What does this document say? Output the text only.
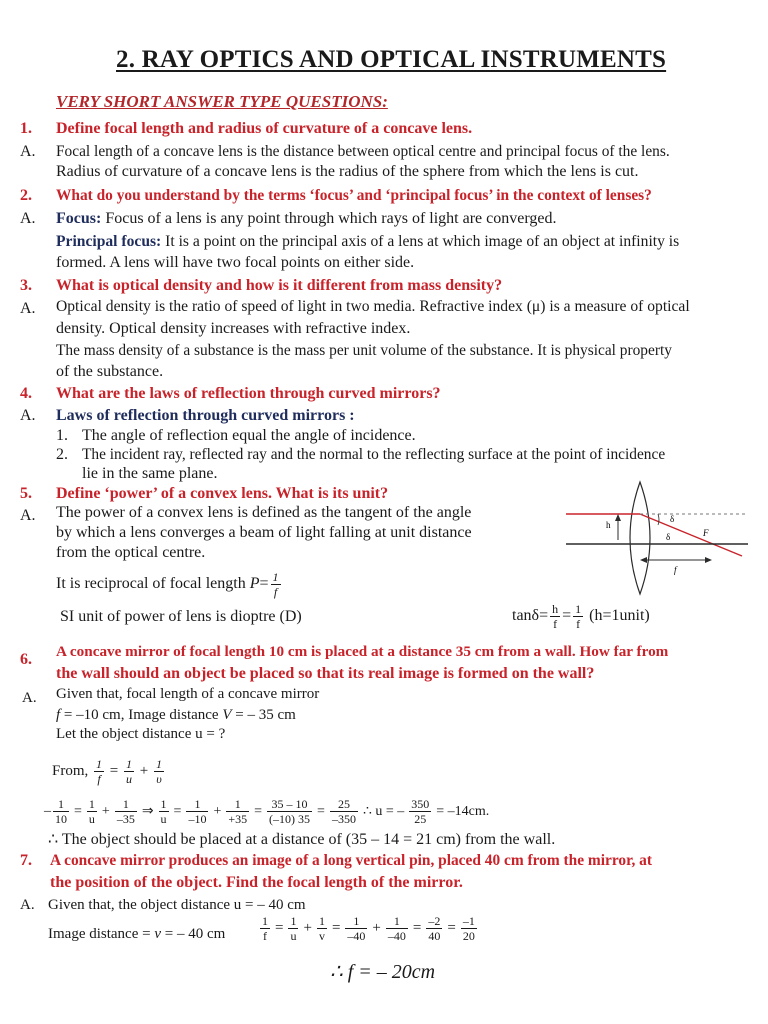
2. RAY OPTICS AND OPTICAL INSTRUMENTS
VERY SHORT ANSWER TYPE QUESTIONS:
1. Define focal length and radius of curvature of a concave lens.
A. Focal length of a concave lens is the distance between optical centre and principal focus of the lens.
Radius of curvature of a concave lens is the radius of the sphere from which the lens is cut.
2. What do you understand by the terms ‘focus’ and ‘principal focus’ in the context of lenses?
A. Focus: Focus of a lens is any point through which rays of light are converged.
Principal focus: It is a point on the principal axis of a lens at which image of an object at infinity is
formed. A lens will have two focal points on either side.
3. What is optical density and how is it different from mass density?
A. Optical density is the ratio of speed of light in two media. Refractive index (μ) is a measure of optical
density. Optical density increases with refractive index.
The mass density of a substance is the mass per unit volume of the substance. It is physical property
of the substance.
4. What are the laws of reflection through curved mirrors?
A. Laws of reflection through curved mirrors :
1. The angle of reflection equal the angle of incidence.
2. The incident ray, reflected ray and the normal to the reflecting surface at the point of incidence
lie in the same plane.
5. Define ‘power’ of a convex lens. What is its unit?
A. The power of a convex lens is defined as the tangent of the angle
by which a lens converges a beam of light falling at unit distance
from the optical centre.
It is reciprocal of focal length $P= \frac{1}{f}$
SI unit of power of lens is dioptre (D)	$\tan\delta= \frac{h}{f} = \frac{1}{f}$ (h=1unit)
h
δ
δ	F
f
6. A concave mirror of focal length 10 cm is placed at a distance 35 cm from a wall. How far from
the wall should an object be placed so that its real image is formed on the wall?
A. Given that, focal length of a concave mirror
f = –10 cm, Image distance V = – 35 cm
Let the object distance u = ?
From, $\frac{1}{f} = \frac{1}{u} + \frac{1}{\upsilon}$
– $\frac{1}{10} = \frac{1}{u} + \frac{1}{-35}$ ⇒ $\frac{1}{u} = \frac{1}{-10} + \frac{1}{+35} = \frac{35 - 10}{(-10) 35} = \frac{25}{-350}$ ∴ u = – $\frac{350}{25} = -14cm$.
∴ The object should be placed at a distance of (35 – 14 = 21 cm) from the wall.
7. A concave mirror produces an image of a long vertical pin, placed 40 cm from the mirror, at
the position of the object. Find the focal length of the mirror.
A. Given that, the object distance u = – 40 cm
Image distance = v = – 40 cm	$\frac{1}{f} = \frac{1}{u} + \frac{1}{v} = \frac{1}{-40} + \frac{1}{-40} = \frac{-2}{40} = \frac{-1}{20}$
∴ f = – 20cm
